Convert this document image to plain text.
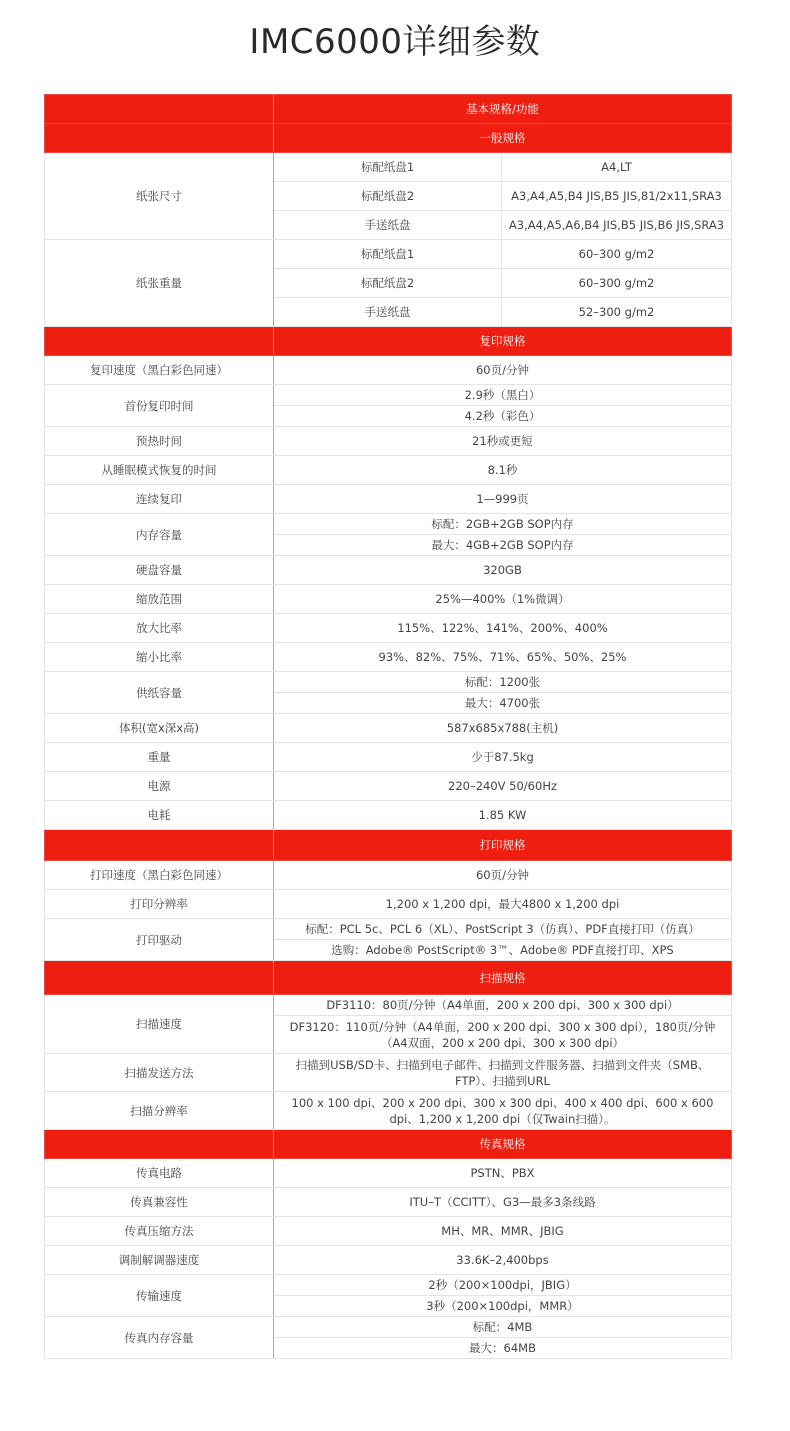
IMC6000详细参数
	基本规格/功能	
	一般规格	
纸张尺寸	标配纸盘1	A4,LT
	标配纸盘2	A3,A4,A5,B4 JIS,B5 JIS,81/2x11,SRA3
	手送纸盘	A3,A4,A5,A6,B4 JIS,B5 JIS,B6 JIS,SRA3
纸张重量	标配纸盘1	60–300 g/m2
	标配纸盘2	60–300 g/m2
	手送纸盘	52–300 g/m2
	复印规格	
复印速度（黑白彩色同速）	60页/分钟	
首份复印时间	2.9秒（黑白）	
	4.2秒（彩色）	
预热时间	21秒或更短	
从睡眠模式恢复的时间	8.1秒	
连续复印	1—999页	
内存容量	标配：2GB+2GB SOP内存	
	最大：4GB+2GB SOP内存	
硬盘容量	320GB	
缩放范围	25%—400%（1%微调）	
放大比率	115%、122%、141%、200%、400%	
缩小比率	93%、82%、75%、71%、65%、50%、25%	
供纸容量	标配：1200张	
	最大：4700张	
体积(宽x深x高)	587x685x788(主机)	
重量	少于87.5kg	
电源	220–240V 50/60Hz	
电耗	1.85 KW	
	打印规格	
打印速度（黑白彩色同速）	60页/分钟	
打印分辨率	1,200 x 1,200 dpi，最大4800 x 1,200 dpi	
打印驱动	标配：PCL 5c、PCL 6（XL）、PostScript 3（仿真）、PDF直接打印（仿真）	
	选购：Adobe® PostScript® 3™、Adobe® PDF直接打印、XPS	
	扫描规格	
扫描速度	DF3110：80页/分钟（A4单面，200 x 200 dpi、300 x 300 dpi）	
	DF3120：110页/分钟（A4单面，200 x 200 dpi、300 x 300 dpi），180页/分钟（A4双面，200 x 200 dpi、300 x 300 dpi）	
扫描发送方法	扫描到USB/SD卡、扫描到电子邮件、扫描到文件服务器、扫描到文件夹（SMB、FTP）、扫描到URL	
扫描分辨率	100 x 100 dpi、200 x 200 dpi、300 x 300 dpi、400 x 400 dpi、600 x 600 dpi、1,200 x 1,200 dpi（仅Twain扫描）。	
	传真规格	
传真电路	PSTN、PBX	
传真兼容性	ITU–T（CCITT）、G3—最多3条线路	
传真压缩方法	MH、MR、MMR、JBIG	
调制解调器速度	33.6K–2,400bps	
传输速度	2秒（200×100dpi，JBIG）	
	3秒（200×100dpi，MMR）	
传真内存容量	标配：4MB	
	最大：64MB	
